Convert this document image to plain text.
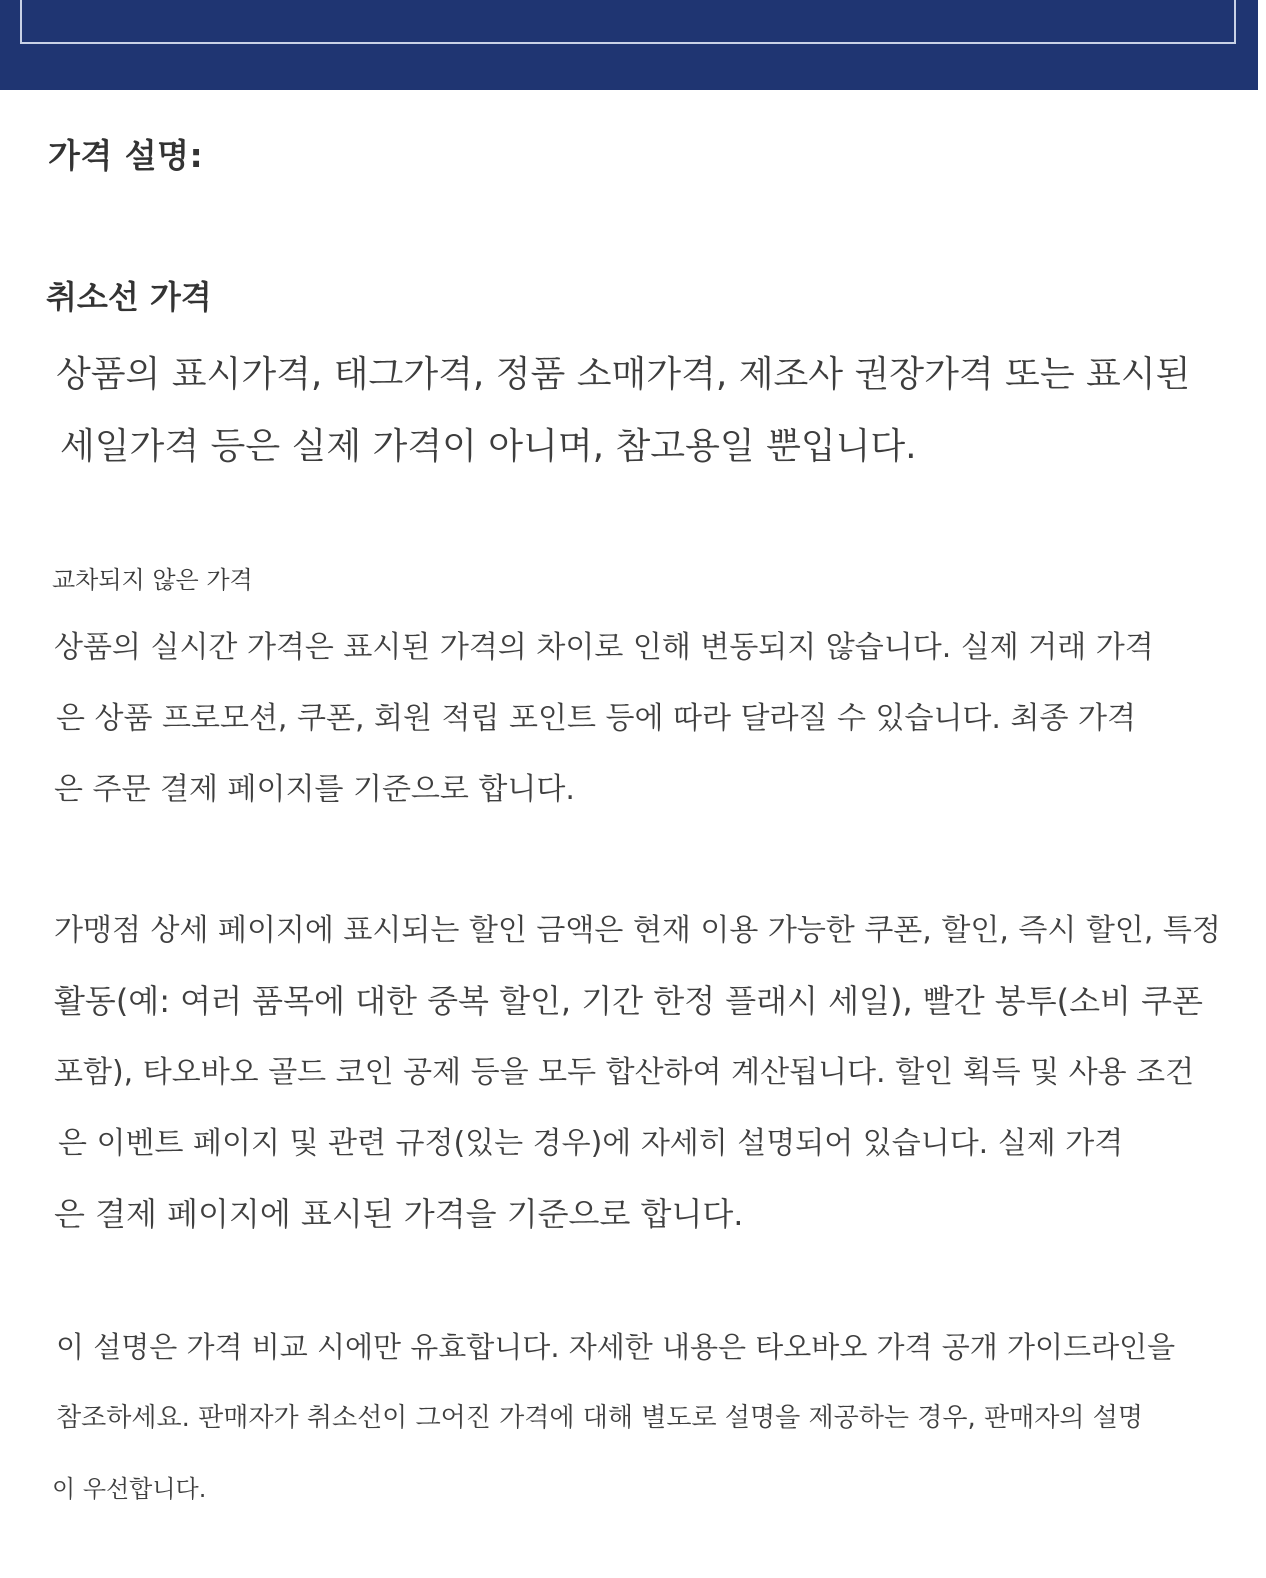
가격 설명:
취소선 가격

상품의 표시가격, 태그가격, 정품 소매가격, 제조사 권장가격 또는 표시된
세일가격 등은 실제 가격이 아니며, 참고용일 뿐입니다.

교차되지 않은 가격

상품의 실시간 가격은 표시된 가격의 차이로 인해 변동되지 않습니다. 실제 거래 가격
은 상품 프로모션, 쿠폰, 회원 적립 포인트 등에 따라 달라질 수 있습니다. 최종 가격
은 주문 결제 페이지를 기준으로 합니다.

가맹점 상세 페이지에 표시되는 할인 금액은 현재 이용 가능한 쿠폰, 할인, 즉시 할인, 특정
활동(예: 여러 품목에 대한 중복 할인, 기간 한정 플래시 세일), 빨간 봉투(소비 쿠폰
포함), 타오바오 골드 코인 공제 등을 모두 합산하여 계산됩니다. 할인 획득 및 사용 조건
은 이벤트 페이지 및 관련 규정(있는 경우)에 자세히 설명되어 있습니다. 실제 가격
은 결제 페이지에 표시된 가격을 기준으로 합니다.

이 설명은 가격 비교 시에만 유효합니다. 자세한 내용은 타오바오 가격 공개 가이드라인을
참조하세요. 판매자가 취소선이 그어진 가격에 대해 별도로 설명을 제공하는 경우, 판매자의 설명
이 우선합니다.
